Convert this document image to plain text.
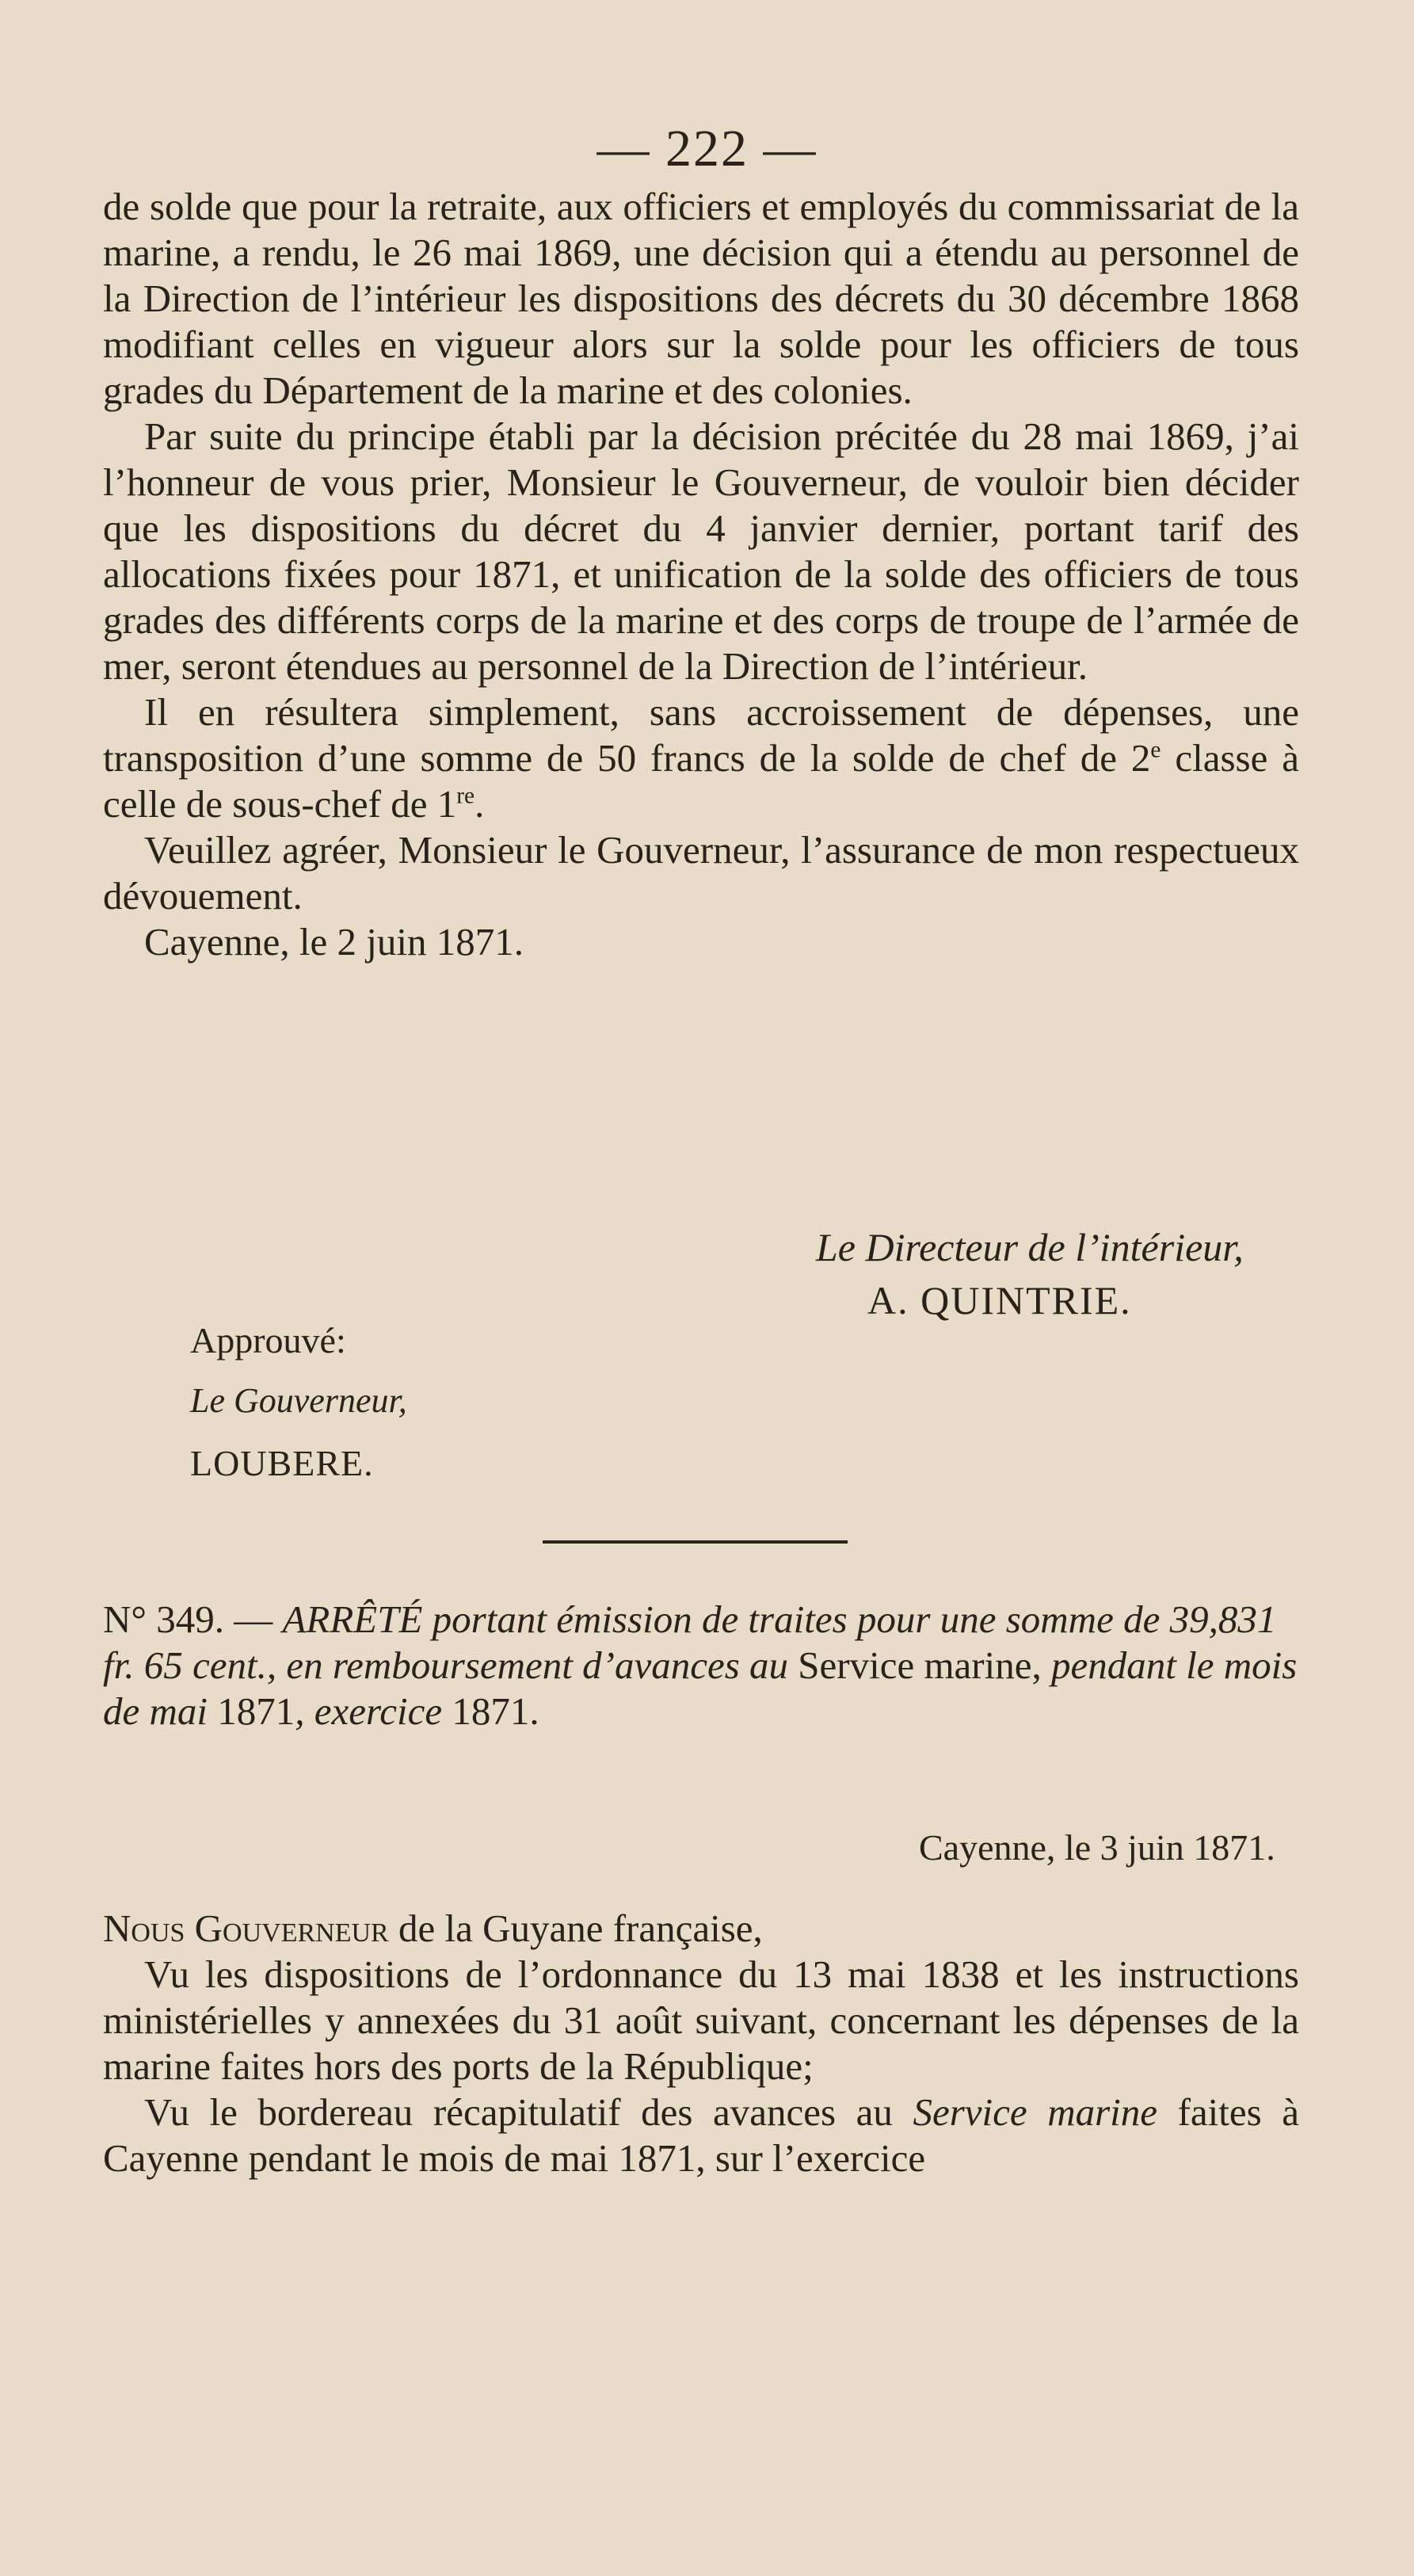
— 222 —

de solde que pour la retraite, aux officiers et employés du commissariat de la marine, a rendu, le 26 mai 1869, une décision qui a étendu au personnel de la Direction de l’intérieur les dispositions des décrets du 30 décembre 1868 modifiant celles en vigueur alors sur la solde pour les officiers de tous grades du Département de la marine et des colonies.

Par suite du principe établi par la décision précitée du 28 mai 1869, j’ai l’honneur de vous prier, Monsieur le Gouverneur, de vouloir bien décider que les dispositions du décret du 4 janvier dernier, portant tarif des allocations fixées pour 1871, et unification de la solde des officiers de tous grades des différents corps de la marine et des corps de troupe de l’armée de mer, seront étendues au personnel de la Direction de l’intérieur.

Il en résultera simplement, sans accroissement de dépenses, une transposition d’une somme de 50 francs de la solde de chef de 2e classe à celle de sous-chef de 1re.

Veuillez agréer, Monsieur le Gouverneur, l’assurance de mon respectueux dévouement.

Cayenne, le 2 juin 1871.

Le Directeur de l’intérieur,
A. QUINTRIE.
Approuvé:
Le Gouverneur,
LOUBERE.
N° 349. — ARRÊTÉ portant émission de traites pour une somme de 39,831 fr. 65 cent., en remboursement d’avances au Service marine, pendant le mois de mai 1871, exercice 1871.
Cayenne, le 3 juin 1871.

Nous Gouverneur de la Guyane française,

Vu les dispositions de l’ordonnance du 13 mai 1838 et les instructions ministérielles y annexées du 31 août suivant, concernant les dépenses de la marine faites hors des ports de la République;

Vu le bordereau récapitulatif des avances au Service marine faites à Cayenne pendant le mois de mai 1871, sur l’exercice
